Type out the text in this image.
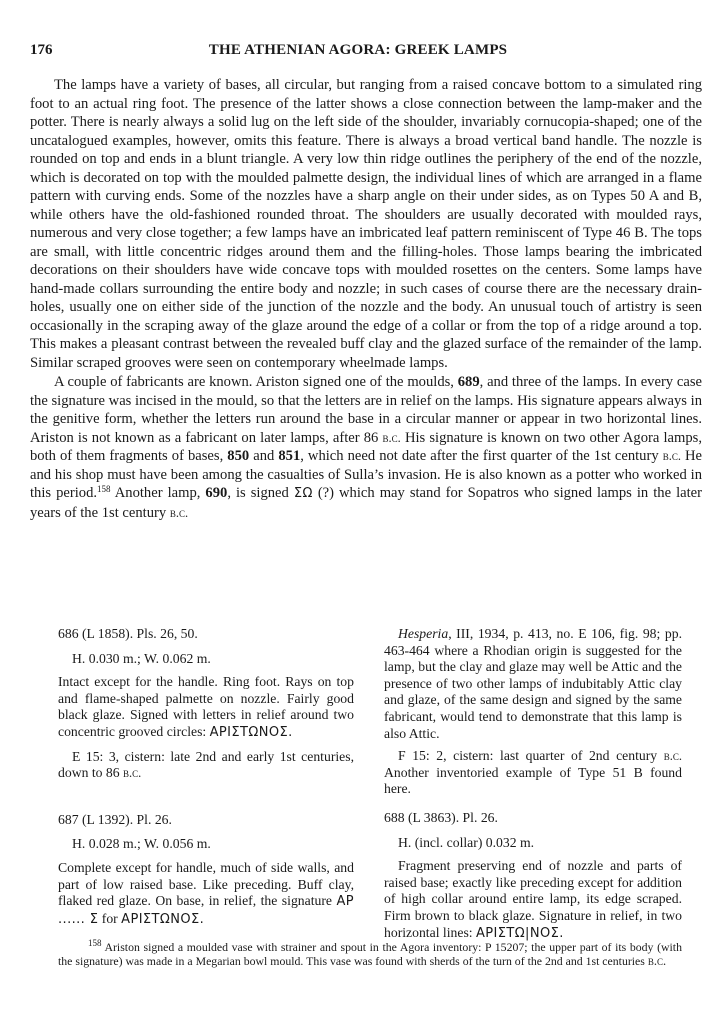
176	THE ATHENIAN AGORA: GREEK LAMPS

The lamps have a variety of bases, all circular, but ranging from a raised concave bottom to a simulated ring foot to an actual ring foot. The presence of the latter shows a close connection between the lamp-maker and the potter. There is nearly always a solid lug on the left side of the shoulder, invariably cornucopia-shaped; one of the uncatalogued examples, however, omits this feature. There is always a broad vertical band handle. The nozzle is rounded on top and ends in a blunt triangle. A very low thin ridge outlines the periphery of the end of the nozzle, which is decorated on top with the moulded palmette design, the individual lines of which are arranged in a flame pattern with curving ends. Some of the nozzles have a sharp angle on their under sides, as on Types 50 A and B, while others have the old-fashioned rounded throat. The shoulders are usually decorated with moulded rays, numerous and very close together; a few lamps have an imbricated leaf pattern reminiscent of Type 46 B. The tops are small, with little concentric ridges around them and the filling-holes. Those lamps bearing the imbricated decorations on their shoulders have wide concave tops with moulded rosettes on the centers. Some lamps have hand-made collars surrounding the entire body and nozzle; in such cases of course there are the necessary drain-holes, usually one on either side of the junction of the nozzle and the body. An unusual touch of artistry is seen occasionally in the scraping away of the glaze around the edge of a collar or from the top of a ridge around a top. This makes a pleasant contrast between the revealed buff clay and the glazed surface of the remainder of the lamp. Similar scraped grooves were seen on contemporary wheelmade lamps.

A couple of fabricants are known. Ariston signed one of the moulds, 689, and three of the lamps. In every case the signature was incised in the mould, so that the letters are in relief on the lamps. His signature appears always in the genitive form, whether the letters run around the base in a circular manner or appear in two horizontal lines. Ariston is not known as a fabricant on later lamps, after 86 b.c. His signature is known on two other Agora lamps, both of them fragments of bases, 850 and 851, which need not date after the first quarter of the 1st century b.c. He and his shop must have been among the casualties of Sulla’s invasion. He is also known as a potter who worked in this period.$^{158}$ Another lamp, 690, is signed ΣΩ (?) which may stand for Sopatros who signed lamps in the later years of the 1st century b.c.

686 (L 1858). Pls. 26, 50.

H. 0.030 m.; W. 0.062 m.

Intact except for the handle. Ring foot. Rays on top and flame-shaped palmette on nozzle. Fairly good black glaze. Signed with letters in relief around two concentric grooved circles: ΑΡΙΣΤΩΝΟΣ.

E 15: 3, cistern: late 2nd and early 1st centuries, down to 86 b.c.

687 (L 1392). Pl. 26.

H. 0.028 m.; W. 0.056 m.

Complete except for handle, much of side walls, and part of low raised base. Like preceding. Buff clay, flaked red glaze. On base, in relief, the signature ΑΡ ...... Σ for ΑΡΙΣΤΩΝΟΣ.

Hesperia, III, 1934, p. 413, no. E 106, fig. 98; pp. 463-464 where a Rhodian origin is suggested for the lamp, but the clay and glaze may well be Attic and the presence of two other lamps of indubitably Attic clay and glaze, of the same design and signed by the same fabricant, would tend to demonstrate that this lamp is also Attic.

F 15: 2, cistern: last quarter of 2nd century b.c. Another inventoried example of Type 51 B found here.

688 (L 3863). Pl. 26.

H. (incl. collar) 0.032 m.

Fragment preserving end of nozzle and parts of raised base; exactly like preceding except for addition of high collar around entire lamp, its edge scraped. Firm brown to black glaze. Signature in relief, in two horizontal lines: ΑΡΙΣΤΩ|ΝΟΣ.

$^{158}$ Ariston signed a moulded vase with strainer and spout in the Agora inventory: P 15207; the upper part of its body (with the signature) was made in a Megarian bowl mould. This vase was found with sherds of the turn of the 2nd and 1st centuries b.c.
